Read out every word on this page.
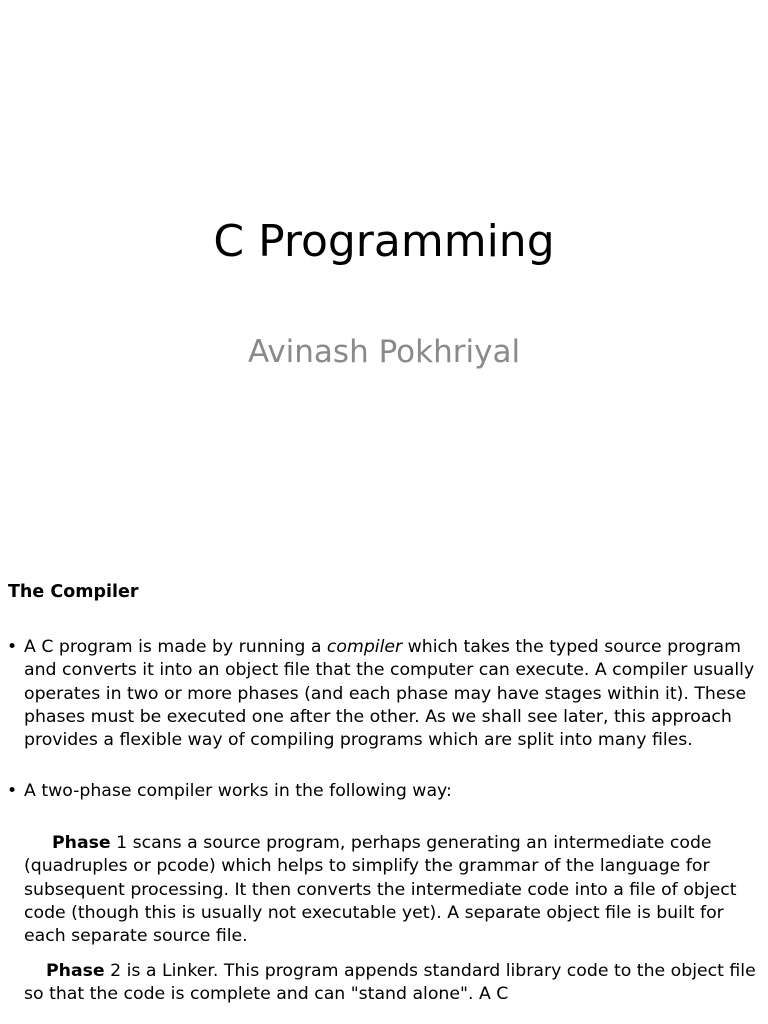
C Programming
Avinash Pokhriyal
The Compiler
• A C program is made by running a compiler which takes the typed source program and converts it into an object file that the computer can execute. A compiler usually operates in two or more phases (and each phase may have stages within it). These phases must be executed one after the other. As we shall see later, this approach provides a flexible way of compiling programs which are split into many files.
• A two-phase compiler works in the following way:
Phase 1 scans a source program, perhaps generating an intermediate code (quadruples or pcode) which helps to simplify the grammar of the language for subsequent processing. It then converts the intermediate code into a file of object code (though this is usually not executable yet). A separate object file is built for each separate source file.
Phase 2 is a Linker. This program appends standard library code to the object file so that the code is complete and can "stand alone". A C
